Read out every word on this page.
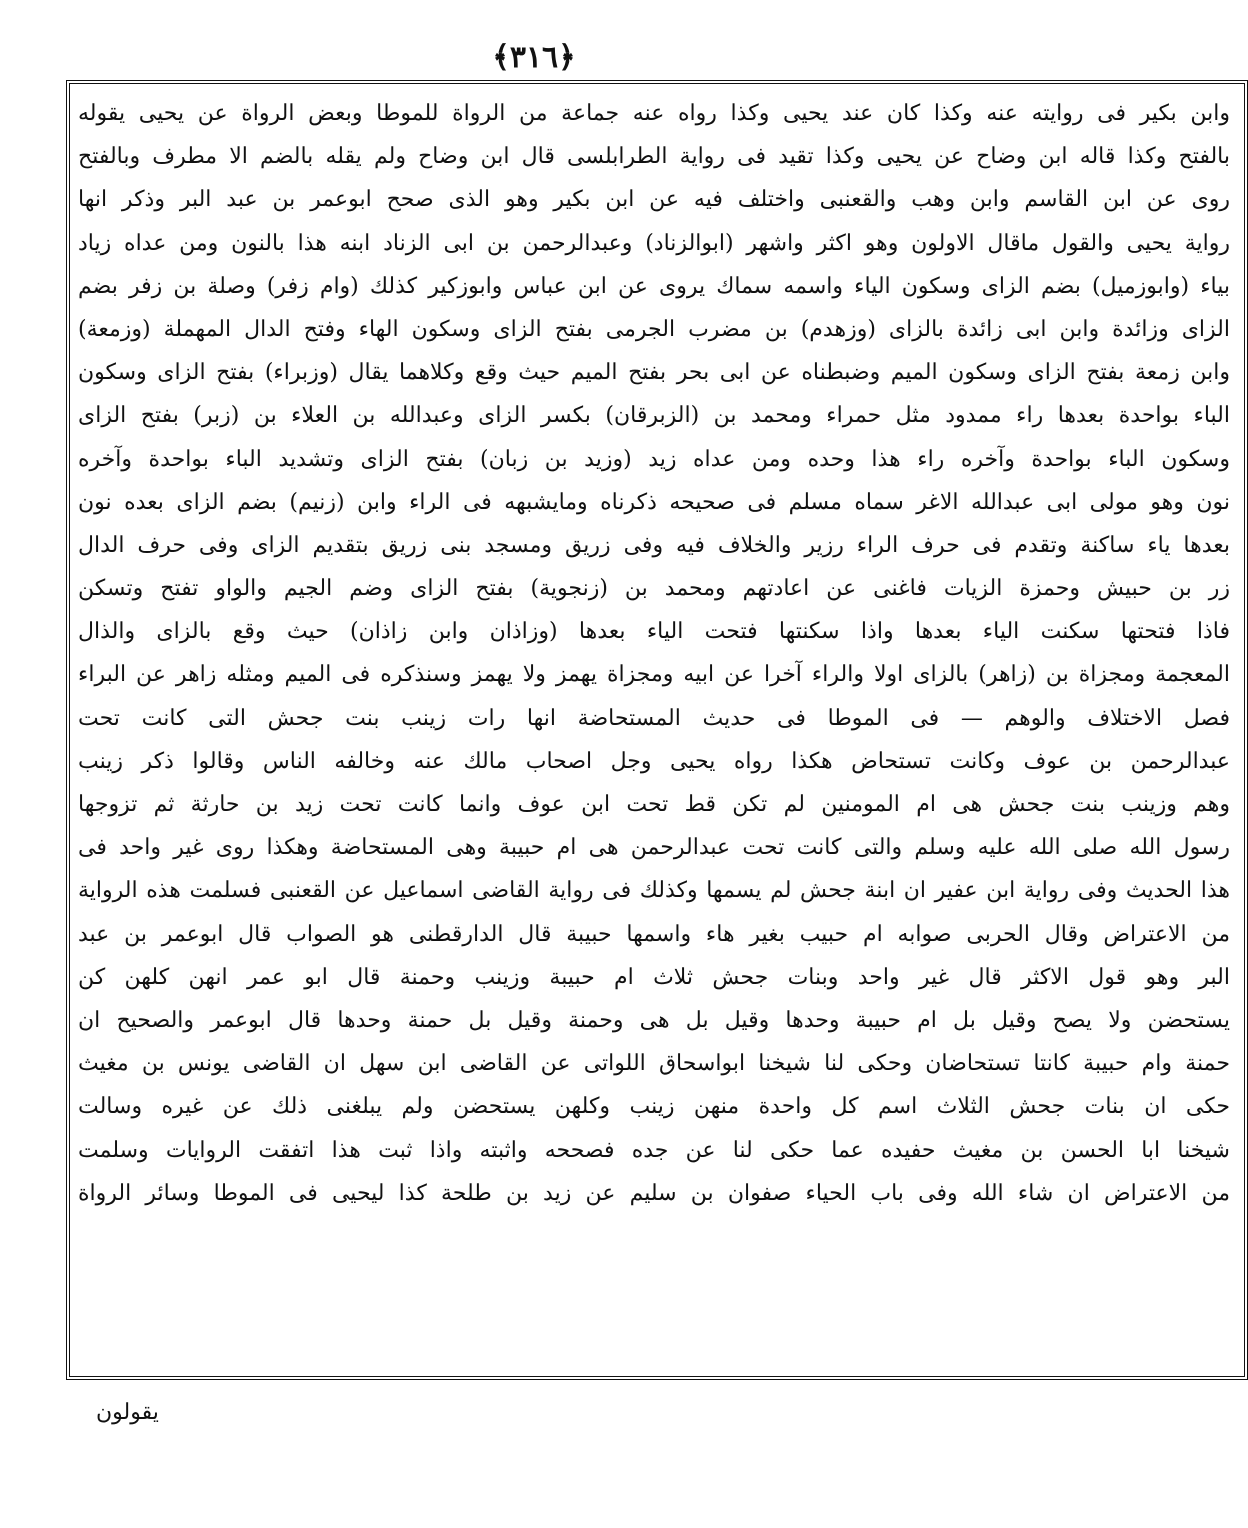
﴿٣١٦﴾
وابن بكير فى روايته عنه وكذا كان عند يحيى وكذا رواه عنه جماعة من الرواة للموطا وبعض الرواة عن يحيى يقوله
بالفتح وكذا قاله ابن وضاح عن يحيى وكذا تقيد فى رواية الطرابلسى قال ابن وضاح ولم يقله بالضم الا مطرف وبالفتح
روى عن ابن القاسم وابن وهب والقعنبى واختلف فيه عن ابن بكير وهو الذى صحح ابوعمر بن عبد البر وذكر انها
رواية يحيى والقول ماقال الاولون وهو اكثر واشهر (ابوالزناد) وعبدالرحمن بن ابى الزناد ابنه هذا بالنون ومن عداه زياد
بياء (وابوزميل) بضم الزاى وسكون الياء واسمه سماك يروى عن ابن عباس وابوزكير كذلك (وام زفر) وصلة بن زفر بضم
الزاى وزائدة وابن ابى زائدة بالزاى (وزهدم) بن مضرب الجرمى بفتح الزاى وسكون الهاء وفتح الدال المهملة (وزمعة)
وابن زمعة بفتح الزاى وسكون الميم وضبطناه عن ابى بحر بفتح الميم حيث وقع وكلاهما يقال (وزبراء) بفتح الزاى وسكون
الباء بواحدة بعدها راء ممدود مثل حمراء ومحمد بن (الزبرقان) بكسر الزاى وعبدالله بن العلاء بن (زبر) بفتح الزاى
وسكون الباء بواحدة وآخره راء هذا وحده ومن عداه زيد (وزيد بن زبان) بفتح الزاى وتشديد الباء بواحدة وآخره
نون وهو مولى ابى عبدالله الاغر سماه مسلم فى صحيحه ذكرناه ومايشبهه فى الراء وابن (زنيم) بضم الزاى بعده نون
بعدها ياء ساكنة وتقدم فى حرف الراء رزير والخلاف فيه وفى زريق ومسجد بنى زريق بتقديم الزاى وفى حرف الدال
زر بن حبيش وحمزة الزيات فاغنى عن اعادتهم ومحمد بن (زنجوية) بفتح الزاى وضم الجيم والواو تفتح وتسكن
فاذا فتحتها سكنت الياء بعدها واذا سكنتها فتحت الياء بعدها (وزاذان وابن زاذان) حيث وقع بالزاى والذال
المعجمة ومجزاة بن (زاهر) بالزاى اولا والراء آخرا عن ابيه ومجزاة يهمز ولا يهمز وسنذكره فى الميم ومثله زاهر عن البراء
فصل الاختلاف والوهم — فى الموطا فى حديث المستحاضة انها رات زينب بنت جحش التى كانت تحت
عبدالرحمن بن عوف وكانت تستحاض هكذا رواه يحيى وجل اصحاب مالك عنه وخالفه الناس وقالوا ذكر زينب
وهم وزينب بنت جحش هى ام المومنين لم تكن قط تحت ابن عوف وانما كانت تحت زيد بن حارثة ثم تزوجها
رسول الله صلى الله عليه وسلم والتى كانت تحت عبدالرحمن هى ام حبيبة وهى المستحاضة وهكذا روى غير واحد فى
هذا الحديث وفى رواية ابن عفير ان ابنة جحش لم يسمها وكذلك فى رواية القاضى اسماعيل عن القعنبى فسلمت هذه الرواية
من الاعتراض وقال الحربى صوابه ام حبيب بغير هاء واسمها حبيبة قال الدارقطنى هو الصواب قال ابوعمر بن عبد
البر وهو قول الاكثر قال غير واحد وبنات جحش ثلاث ام حبيبة وزينب وحمنة قال ابو عمر انهن كلهن كن
يستحضن ولا يصح وقيل بل ام حبيبة وحدها وقيل بل هى وحمنة وقيل بل حمنة وحدها قال ابوعمر والصحيح ان
حمنة وام حبيبة كانتا تستحاضان وحكى لنا شيخنا ابواسحاق اللواتى عن القاضى ابن سهل ان القاضى يونس بن مغيث
حكى ان بنات جحش الثلاث اسم كل واحدة منهن زينب وكلهن يستحضن ولم يبلغنى ذلك عن غيره وسالت
شيخنا ابا الحسن بن مغيث حفيده عما حكى لنا عن جده فصححه واثبته واذا ثبت هذا اتفقت الروايات وسلمت
من الاعتراض ان شاء الله وفى باب الحياء صفوان بن سليم عن زيد بن طلحة كذا ليحيى فى الموطا وسائر الرواة
يقولون
